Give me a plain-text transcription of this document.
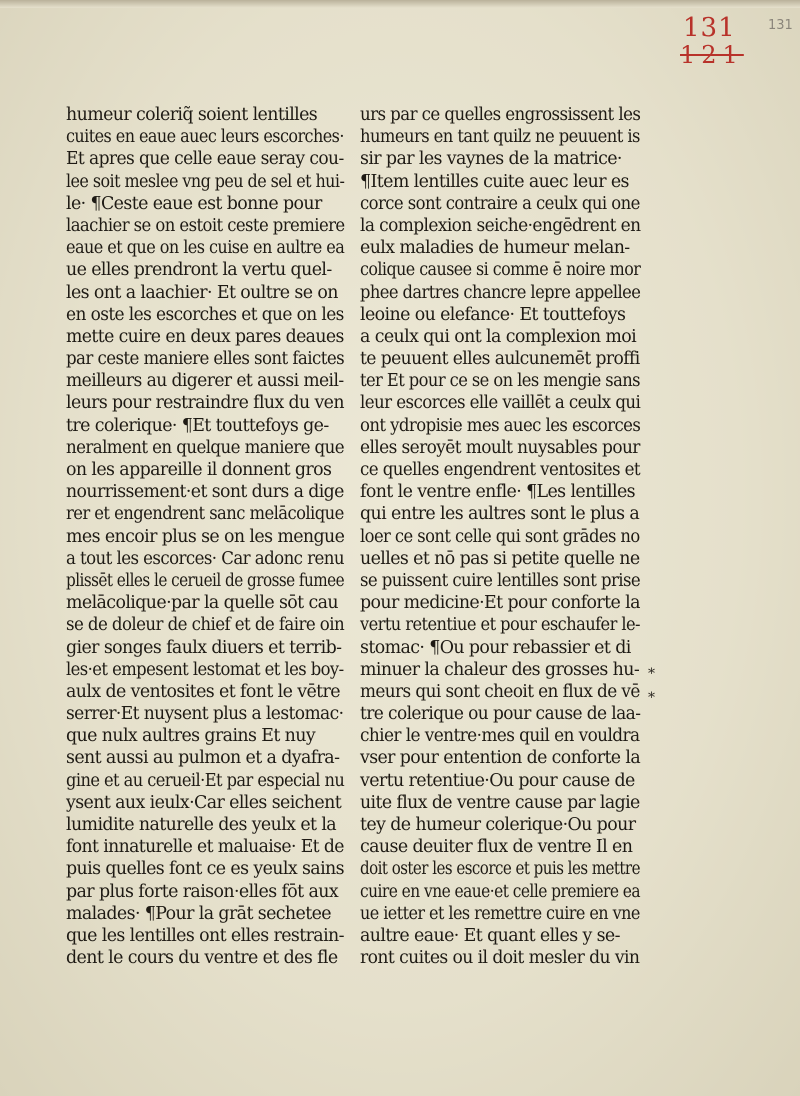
131
121
131
humeur coleriq̃ soient lentilles
cuites en eaue auec leurs escorches·
Et apres que celle eaue seray cou-
lee soit meslee vng peu de sel et hui-
le· ¶Ceste eaue est bonne pour
laachier se on estoit ceste premiere
eaue et que on les cuise en aultre ea
ue elles prendront la vertu quel-
les ont a laachier· Et oultre se on
en oste les escorches et que on les
mette cuire en deux pares deaues
par ceste maniere elles sont faictes
meilleurs au digerer et aussi meil-
leurs pour restraindre flux du ven
tre colerique· ¶Et touttefoys ge-
neralment en quelque maniere que
on les appareille il donnent gros
nourrissement·et sont durs a dige
rer et engendrent sanc melācolique
mes encoir plus se on les mengue
a tout les escorces· Car adonc renu
plissēt elles le cerueil de grosse fumee
melācolique·par la quelle sōt cau
se de doleur de chief et de faire oin
gier songes faulx diuers et terrib-
les·et empesent lestomat et les boy-
aulx de ventosites et font le vētre
serrer·Et nuysent plus a lestomac·
que nulx aultres grains Et nuy
sent aussi au pulmon et a dyafra-
gine et au cerueil·Et par especial nu
ysent aux ieulx·Car elles seichent
lumidite naturelle des yeulx et la
font innaturelle et maluaise· Et de
puis quelles font ce es yeulx sains
par plus forte raison·elles fōt aux
malades· ¶Pour la grāt sechetee
que les lentilles ont elles restrain-
dent le cours du ventre et des fle
urs par ce quelles engrossissent les
humeurs en tant quilz ne peuuent is
sir par les vaynes de la matrice·
¶Item lentilles cuite auec leur es
corce sont contraire a ceulx qui one
la complexion seiche·engēdrent en
eulx maladies de humeur melan-
colique causee si comme ē noire mor
phee dartres chancre lepre appellee
leoine ou elefance· Et touttefoys
a ceulx qui ont la complexion moi
te peuuent elles aulcunemēt proffi
ter Et pour ce se on les mengie sans
leur escorces elle vaillēt a ceulx qui
ont ydropisie mes auec les escorces
elles seroyēt moult nuysables pour
ce quelles engendrent ventosites et
font le ventre enfle· ¶Les lentilles
qui entre les aultres sont le plus a
loer ce sont celle qui sont grādes no
uelles et nō pas si petite quelle ne
se puissent cuire lentilles sont prise
pour medicine·Et pour conforte la
vertu retentiue et pour eschaufer le-
stomac· ¶Ou pour rebassier et di
minuer la chaleur des grosses hu-
meurs qui sont cheoit en flux de vē
tre colerique ou pour cause de laa-
chier le ventre·mes quil en vouldra
vser pour entention de conforte la
vertu retentiue·Ou pour cause de
uite flux de ventre cause par lagie
tey de humeur colerique·Ou pour
cause deuiter flux de ventre Il en
doit oster les escorce et puis les mettre
cuire en vne eaue·et celle premiere ea
ue ietter et les remettre cuire en vne
aultre eaue· Et quant elles y se-
ront cuites ou il doit mesler du vin
*
*
